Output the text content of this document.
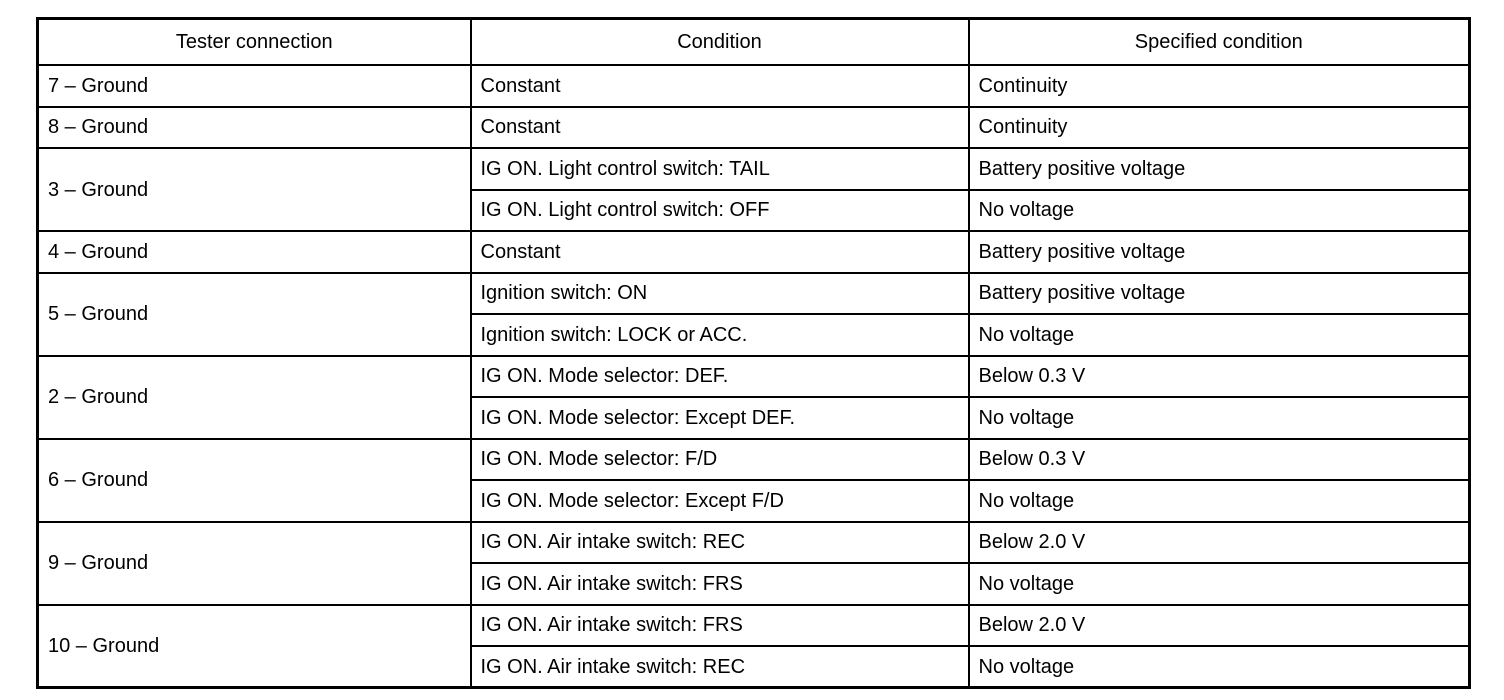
Tester connection	Condition	Specified condition
7 – Ground	Constant	Continuity
8 – Ground	Constant	Continuity
3 – Ground	IG ON. Light control switch: TAIL	Battery positive voltage
	IG ON. Light control switch: OFF	No voltage
4 – Ground	Constant	Battery positive voltage
5 – Ground	Ignition switch: ON	Battery positive voltage
	Ignition switch: LOCK or ACC.	No voltage
2 – Ground	IG ON. Mode selector: DEF.	Below 0.3 V
	IG ON. Mode selector: Except DEF.	No voltage
6 – Ground	IG ON. Mode selector: F/D	Below 0.3 V
	IG ON. Mode selector: Except F/D	No voltage
9 – Ground	IG ON. Air intake switch: REC	Below 2.0 V
	IG ON. Air intake switch: FRS	No voltage
10 – Ground	IG ON. Air intake switch: FRS	Below 2.0 V
	IG ON. Air intake switch: REC	No voltage
